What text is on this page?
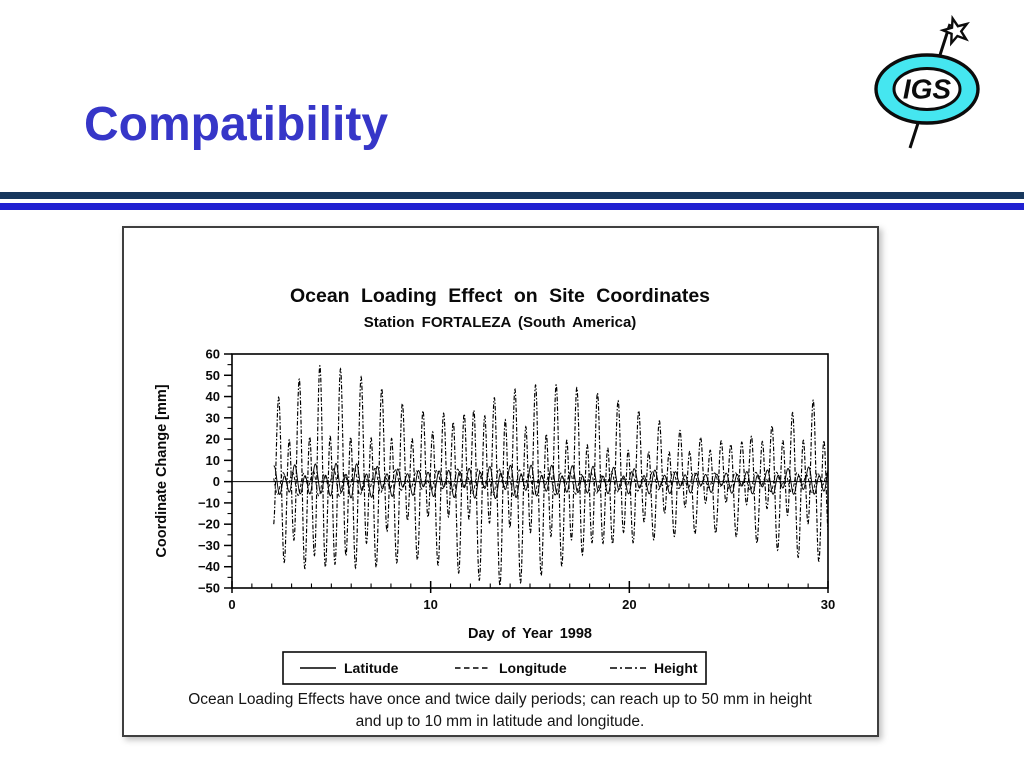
Compatibility
IGS
Ocean Loading Effect on Site Coordinates
Station FORTALEZA (South America)
Coordinate Change [mm]
Day of Year 1998
−50
−40
−30
−20
−10
0
10
20
30
40
50
60
0	10	20	30
Latitude	Longitude	Height
Ocean Loading Effects have once and twice daily periods; can reach up to 50 mm in height
and up to 10 mm in latitude and longitude.
